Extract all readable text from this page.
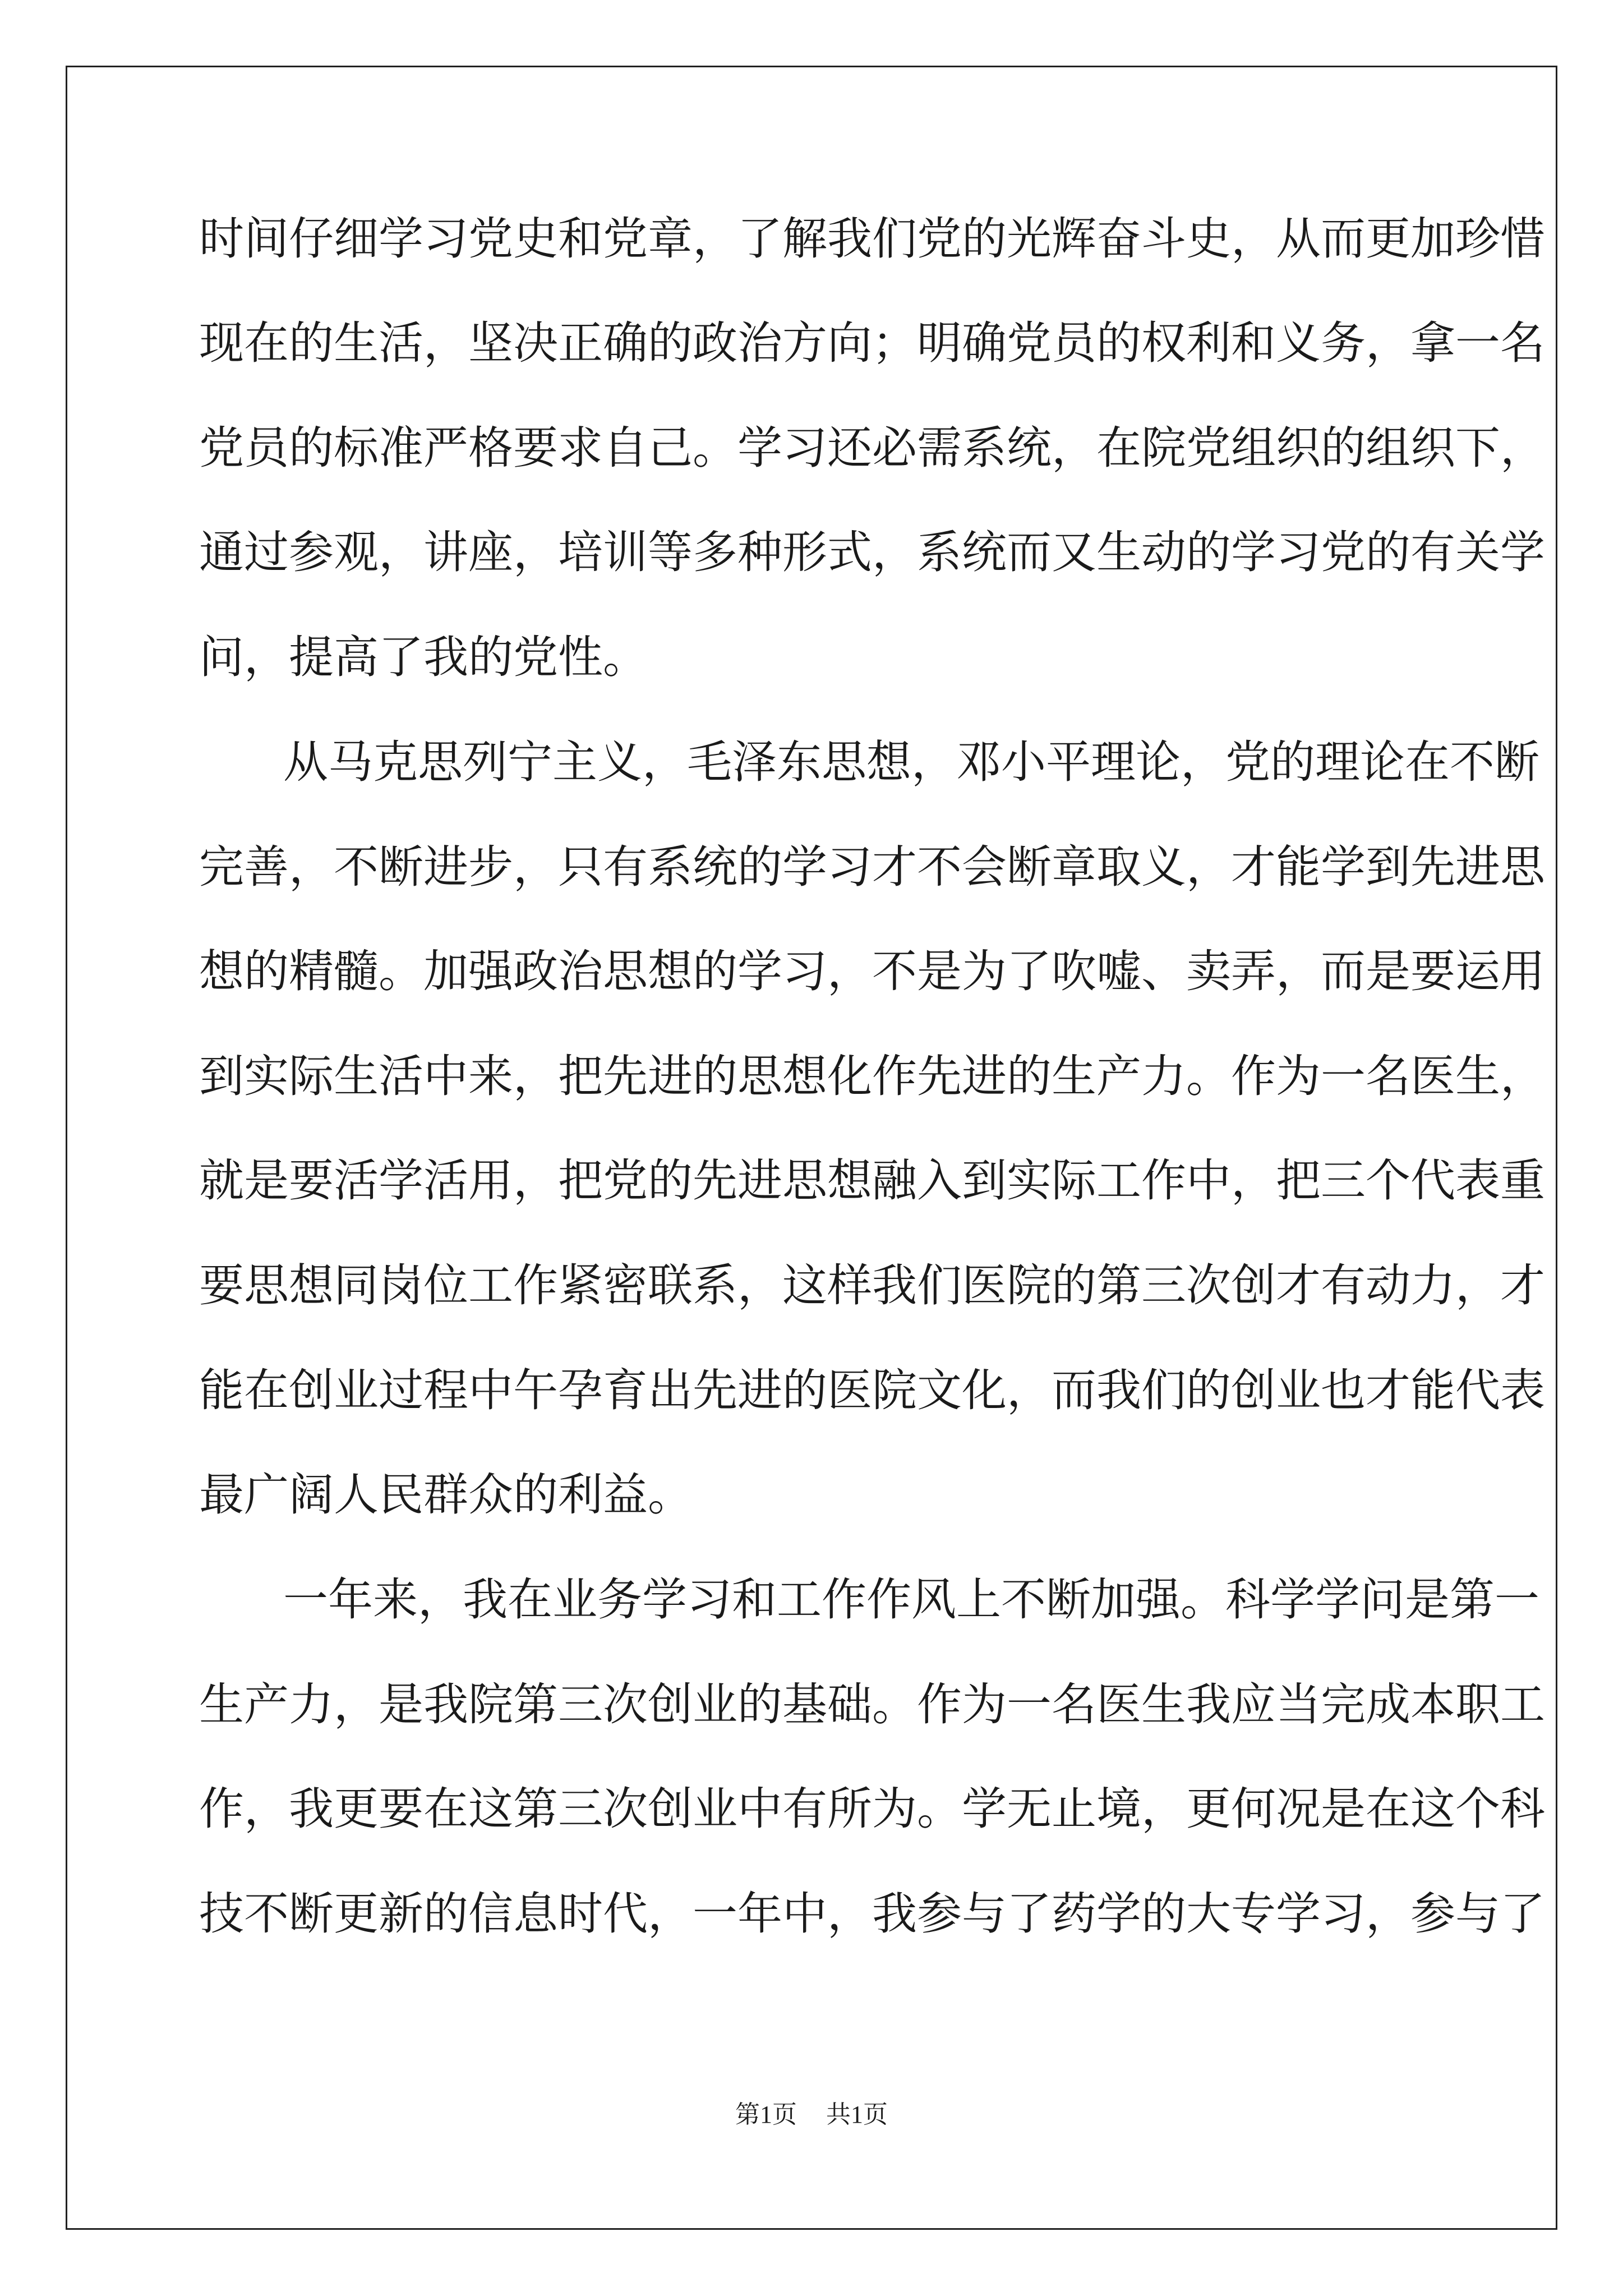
时间仔细学习党史和党章，了解我们党的光辉奋斗史，从而更加珍惜
现在的生活，坚决正确的政治方向；明确党员的权利和义务，拿一名
党员的标准严格要求自己。学习还必需系统，在院党组织的组织下，
通过参观，讲座，培训等多种形式，系统而又生动的学习党的有关学
问，提高了我的党性。
从马克思列宁主义，毛泽东思想，邓小平理论，党的理论在不断
完善，不断进步，只有系统的学习才不会断章取义，才能学到先进思
想的精髓。加强政治思想的学习，不是为了吹嘘、卖弄，而是要运用
到实际生活中来，把先进的思想化作先进的生产力。作为一名医生，
就是要活学活用，把党的先进思想融入到实际工作中，把三个代表重
要思想同岗位工作紧密联系，这样我们医院的第三次创才有动力，才
能在创业过程中午孕育出先进的医院文化，而我们的创业也才能代表
最广阔人民群众的利益。
一年来，我在业务学习和工作作风上不断加强。科学学问是第一
生产力，是我院第三次创业的基础。作为一名医生我应当完成本职工
作，我更要在这第三次创业中有所为。学无止境，更何况是在这个科
技不断更新的信息时代，一年中，我参与了药学的大专学习，参与了
第1页 共1页
